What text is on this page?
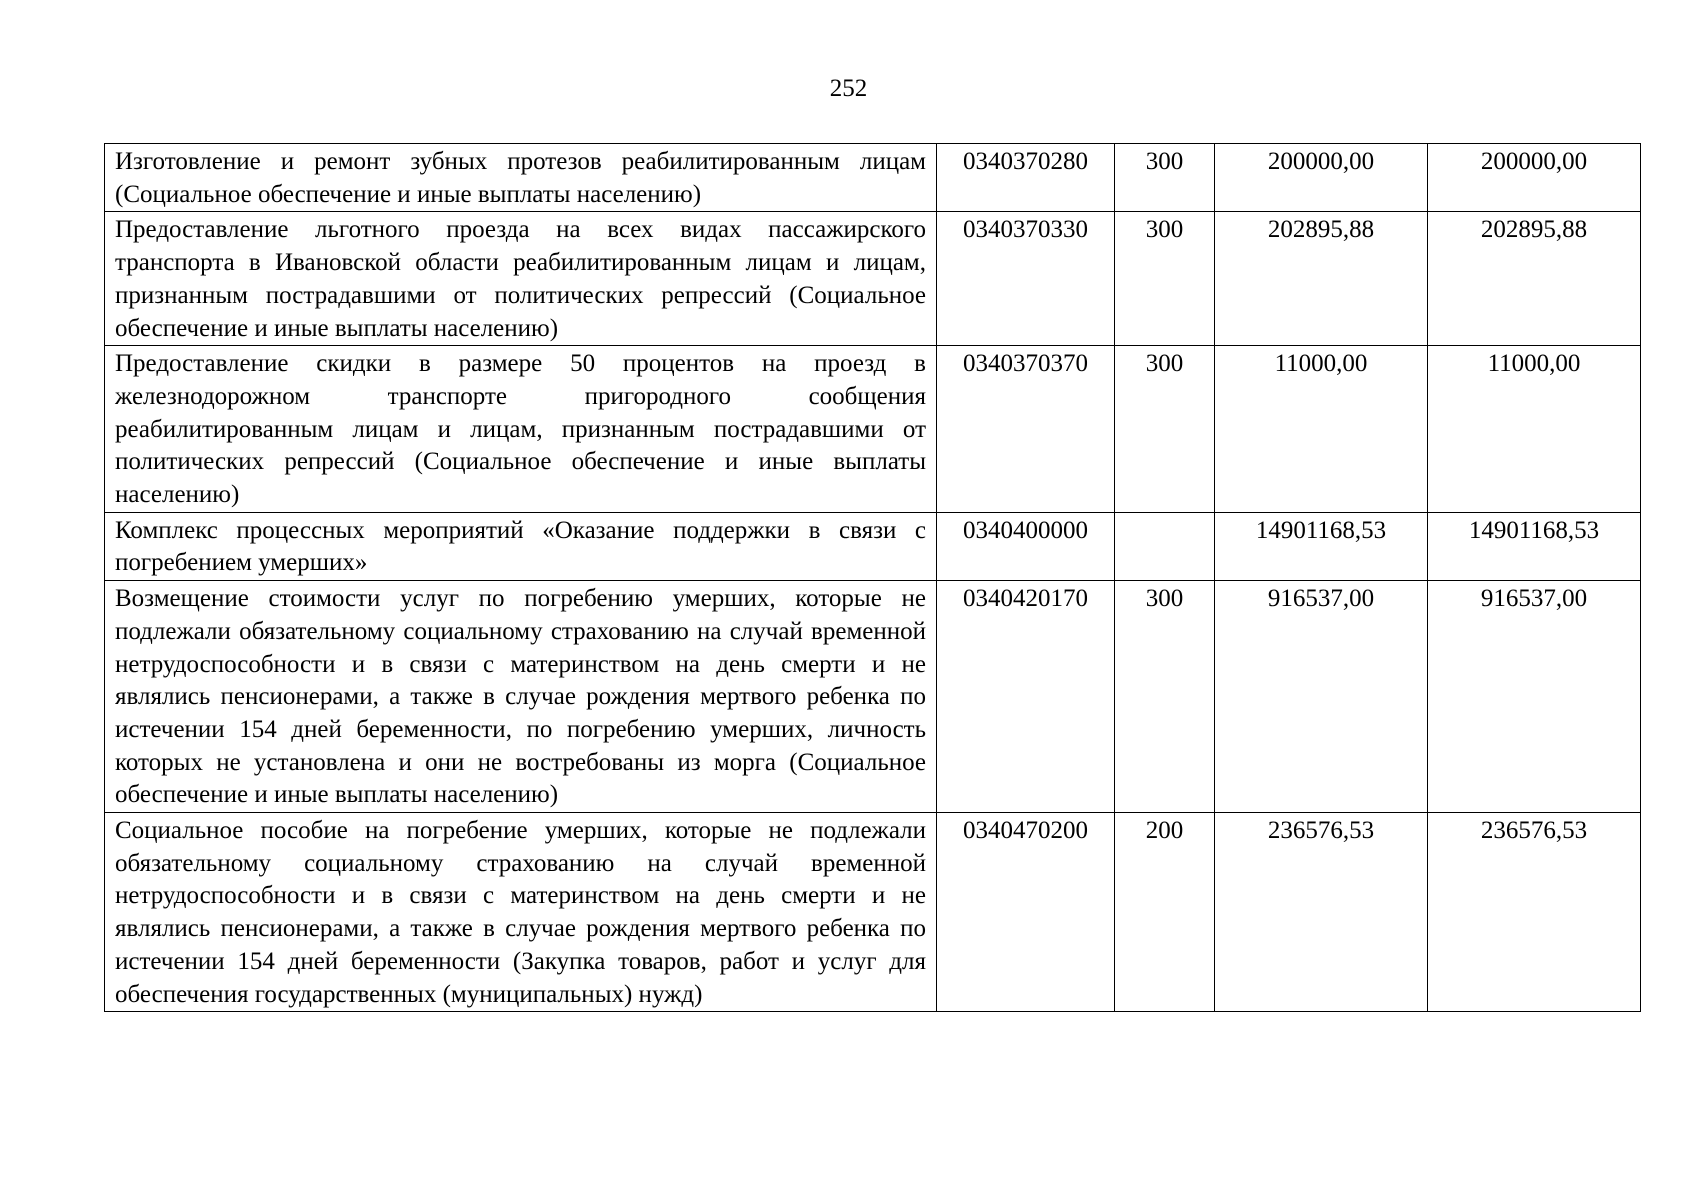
252
Изготовление и ремонт зубных протезов реабилитированным лицам (Социальное обеспечение и иные выплаты населению)	0340370280	300	200000,00	200000,00
Предоставление льготного проезда на всех видах пассажирского транспорта в Ивановской области реабилитированным лицам и лицам, признанным пострадавшими от политических репрессий (Социальное обеспечение и иные выплаты населению)	0340370330	300	202895,88	202895,88
Предоставление скидки в размере 50 процентов на проезд в железнодорожном транспорте пригородного сообщения реабилитированным лицам и лицам, признанным пострадавшими от политических репрессий (Социальное обеспечение и иные выплаты населению)	0340370370	300	11000,00	11000,00
Комплекс процессных мероприятий «Оказание поддержки в связи с погребением умерших»	0340400000		14901168,53	14901168,53
Возмещение стоимости услуг по погребению умерших, которые не подлежали обязательному социальному страхованию на случай временной нетрудоспособности и в связи с материнством на день смерти и не являлись пенсионерами, а также в случае рождения мертвого ребенка по истечении 154 дней беременности, по погребению умерших, личность которых не установлена и они не востребованы из морга (Социальное обеспечение и иные выплаты населению)	0340420170	300	916537,00	916537,00
Социальное пособие на погребение умерших, которые не подлежали обязательному социальному страхованию на случай временной нетрудоспособности и в связи с материнством на день смерти и не являлись пенсионерами, а также в случае рождения мертвого ребенка по истечении 154 дней беременности (Закупка товаров, работ и услуг для обеспечения государственных (муниципальных) нужд)	0340470200	200	236576,53	236576,53
